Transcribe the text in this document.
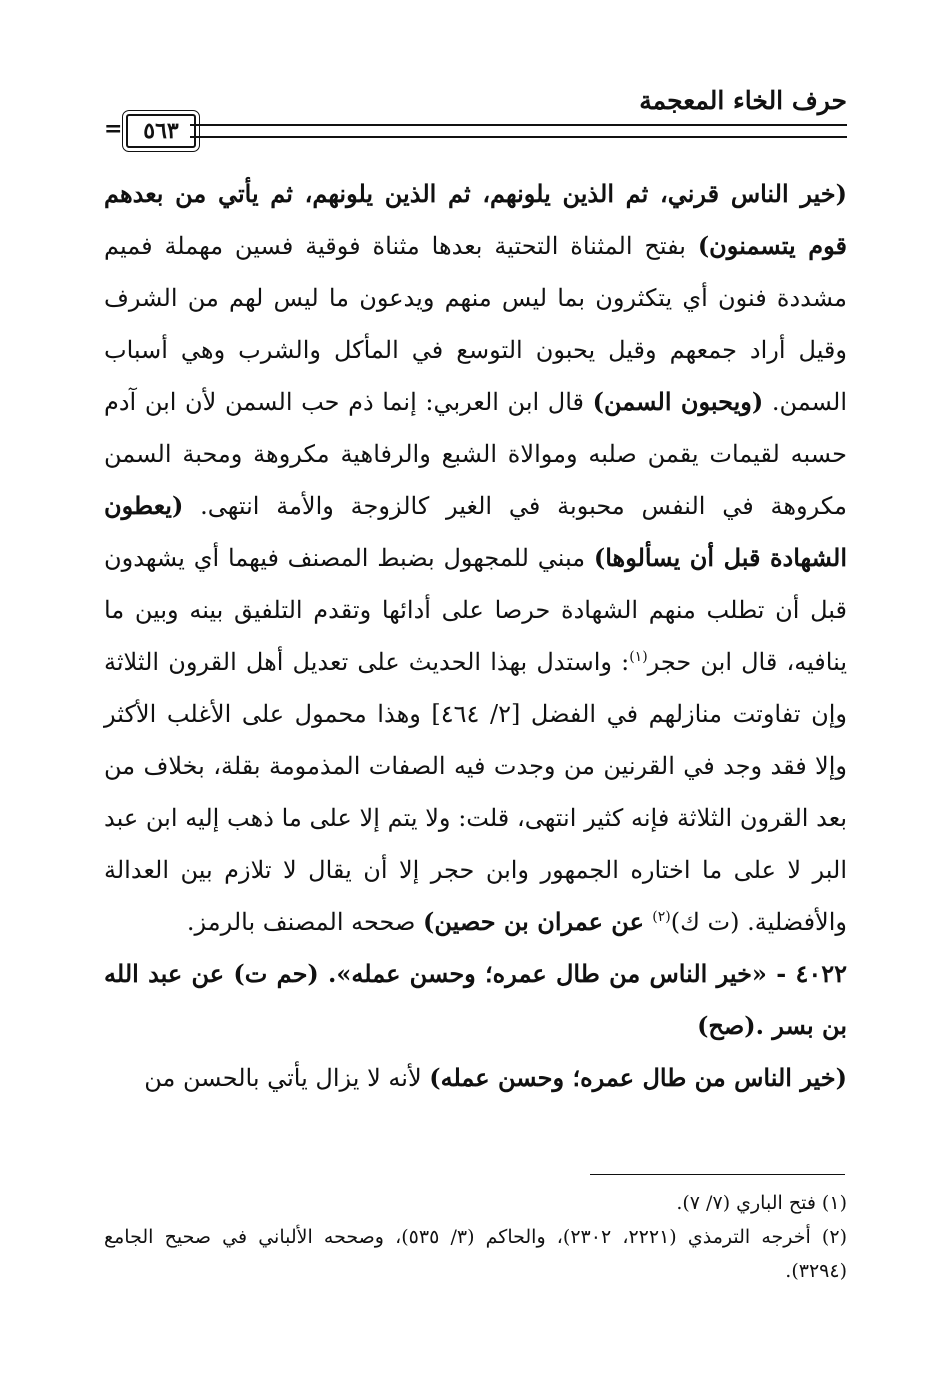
حرف الخاء المعجمة
٥٦٣
=

(خير الناس قرني، ثم الذين يلونهم، ثم الذين يلونهم، ثم يأتي من بعدهم قوم يتسمنون) بفتح المثناة التحتية بعدها مثناة فوقية فسين مهملة فميم مشددة فنون أي يتكثرون بما ليس منهم ويدعون ما ليس لهم من الشرف وقيل أراد جمعهم وقيل يحبون التوسع في المأكل والشرب وهي أسباب السمن. (ويحبون السمن) قال ابن العربي: إنما ذم حب السمن لأن ابن آدم حسبه لقيمات يقمن صلبه وموالاة الشبع والرفاهية مكروهة ومحبة السمن مكروهة في النفس محبوبة في الغير كالزوجة والأمة انتهى. (يعطون الشهادة قبل أن يسألوها) مبني للمجهول بضبط المصنف فيهما أي يشهدون قبل أن تطلب منهم الشهادة حرصا على أدائها وتقدم التلفيق بينه وبين ما ينافيه، قال ابن حجر$^{(١)}$: واستدل بهذا الحديث على تعديل أهل القرون الثلاثة وإن تفاوتت منازلهم في الفضل [٢/ ٤٦٤] وهذا محمول على الأغلب الأكثر وإلا فقد وجد في القرنين من وجدت فيه الصفات المذمومة بقلة، بخلاف من بعد القرون الثلاثة فإنه كثير انتهى، قلت: ولا يتم إلا على ما ذهب إليه ابن عبد البر لا على ما اختاره الجمهور وابن حجر إلا أن يقال لا تلازم بين العدالة والأفضلية. (ت ك)$^{(٢)}$ عن عمران بن حصين) صححه المصنف بالرمز.

٤٠٢٢ - «خير الناس من طال عمره؛ وحسن عمله». (حم ت) عن عبد الله بن بسر .(صح)

(خير الناس من طال عمره؛ وحسن عمله) لأنه لا يزال يأتي بالحسن من

(١) فتح الباري (٧/ ٧).

(٢) أخرجه الترمذي (٢٢٢١، ٢٣٠٢)، والحاكم (٣/ ٥٣٥)، وصححه الألباني في صحيح الجامع (٣٢٩٤).
